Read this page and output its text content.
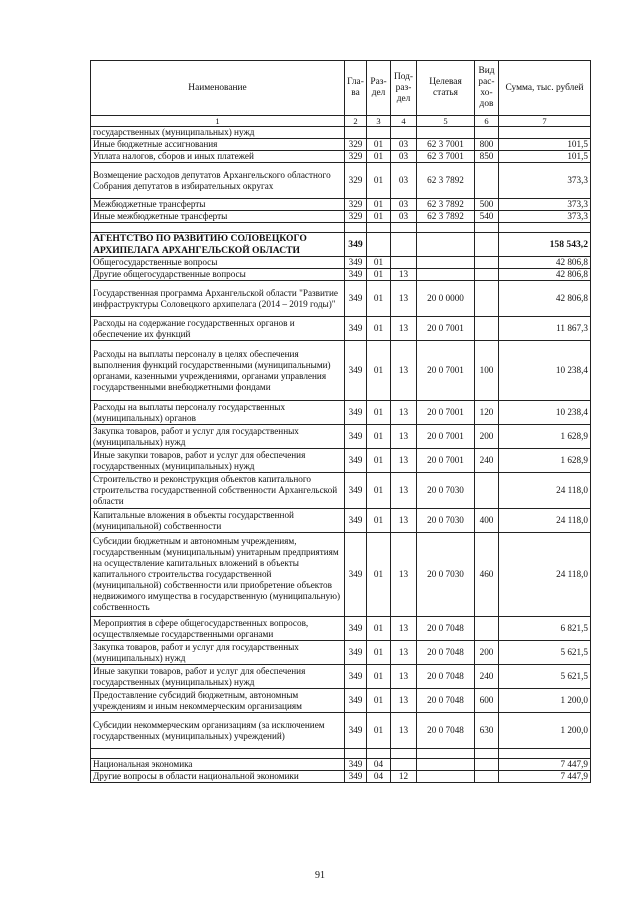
Наименование	Гла-ва	Раз-дел	Под-раз-дел	Целевая статья	Вид рас-хо-дов	Сумма, тыс. рублей
1	2	3	4	5	6	7
государственных (муниципальных) нужд						
Иные бюджетные ассигнования	329	01	03	62 3 7001	800	101,5
Уплата налогов, сборов и иных платежей	329	01	03	62 3 7001	850	101,5
Возмещение расходов депутатов Архангельского областного Собрания депутатов в избирательных округах	329	01	03	62 3 7892		373,3
Межбюджетные трансферты	329	01	03	62 3 7892	500	373,3
Иные межбюджетные трансферты	329	01	03	62 3 7892	540	373,3

АГЕНТСТВО ПО РАЗВИТИЮ СОЛОВЕЦКОГО АРХИПЕЛАГА АРХАНГЕЛЬСКОЙ ОБЛАСТИ	349					158 543,2
Общегосударственные вопросы	349	01				42 806,8
Другие общегосударственные вопросы	349	01	13			42 806,8
Государственная программа Архангельской области "Развитие инфраструктуры Соловецкого архипелага (2014 – 2019 годы)"	349	01	13	20 0 0000		42 806,8
Расходы на содержание государственных органов и обеспечение их функций	349	01	13	20 0 7001		11 867,3
Расходы на выплаты персоналу в целях обеспечения выполнения функций государственными (муниципальными) органами, казенными учреждениями, органами управления государственными внебюджетными фондами	349	01	13	20 0 7001	100	10 238,4
Расходы на выплаты персоналу государственных (муниципальных) органов	349	01	13	20 0 7001	120	10 238,4
Закупка товаров, работ и услуг для государственных (муниципальных) нужд	349	01	13	20 0 7001	200	1 628,9
Иные закупки товаров, работ и услуг для обеспечения государственных (муниципальных) нужд	349	01	13	20 0 7001	240	1 628,9
Строительство и реконструкция объектов капитального строительства государственной собственности Архангельской области	349	01	13	20 0 7030		24 118,0
Капитальные вложения в объекты государственной (муниципальной) собственности	349	01	13	20 0 7030	400	24 118,0
Субсидии бюджетным и автономным учреждениям, государственным (муниципальным) унитарным предприятиям на осуществление капитальных вложений в объекты капитального строительства государственной (муниципальной) собственности или приобретение объектов недвижимого имущества в государственную (муниципальную) собственность	349	01	13	20 0 7030	460	24 118,0
Мероприятия в сфере общегосударственных вопросов, осуществляемые государственными органами	349	01	13	20 0 7048		6 821,5
Закупка товаров, работ и услуг для государственных (муниципальных) нужд	349	01	13	20 0 7048	200	5 621,5
Иные закупки товаров, работ и услуг для обеспечения государственных (муниципальных) нужд	349	01	13	20 0 7048	240	5 621,5
Предоставление субсидий бюджетным, автономным учреждениям и иным некоммерческим организациям	349	01	13	20 0 7048	600	1 200,0
Субсидии некоммерческим организациям (за исключением государственных (муниципальных) учреждений)	349	01	13	20 0 7048	630	1 200,0

Национальная экономика	349	04				7 447,9
Другие вопросы в области национальной экономики	349	04	12			7 447,9
91
